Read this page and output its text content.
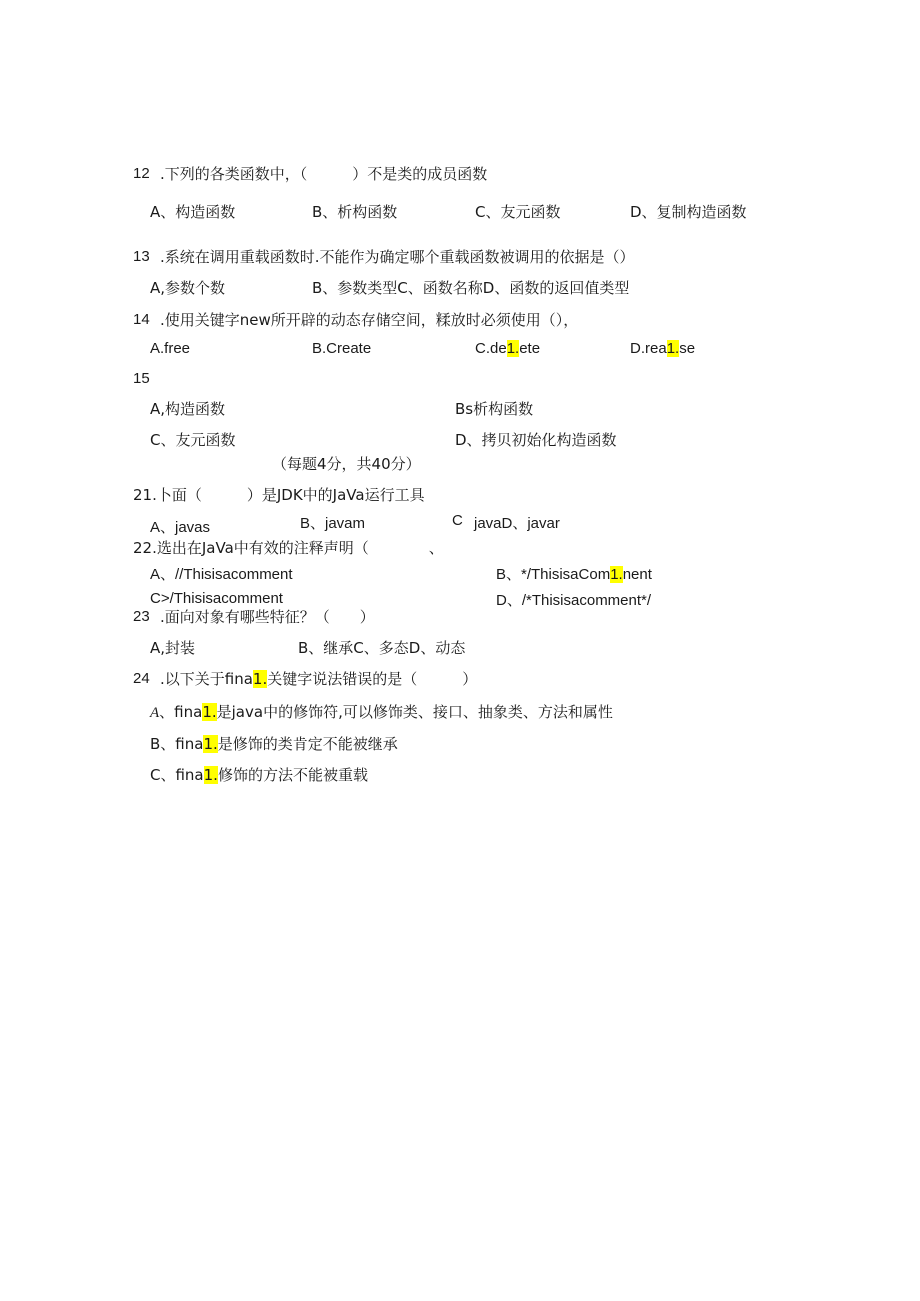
12 .下列的各类函数中，（　　　）不是类的成员函数
A、构造函数	B、析构函数	C、友元函数	D、复制构造函数
13 .系统在调用重载函数时.不能作为确定哪个重载函数被调用的依据是（）
A,参数个数	B、参数类型C、函数名称D、函数的返回值类型
14 .使用关键字new所开辟的动态存储空间，糅放时必须使用（），
A.free	B.Create	C.de1.ete	D.rea1.se
15
A,构造函数	Bs析构函数
C、友元函数	D、拷贝初始化构造函数
（每题4分，共40分）
21.卜面（　　　）是JDK中的JaVa运行工具
A、javas	B、javam	C javaD、javar
22.选出在JaVa中有效的注释声明（　　　　、
A、//Thisisacomment	B、*/ThisisaCom1.nent
C>/Thisisacomment	D、/*Thisisacomment*/
23 .面向对象有哪些特征？（　　）
A,封装	B、继承C、多态D、动态
24 .以下关于fina1.关键字说法错误的是（　　　）
A、fina1.是java中的修饰符,可以修饰类、接口、抽象类、方法和属性
B、fina1.是修饰的类肯定不能被继承
C、fina1.修饰的方法不能被重载
